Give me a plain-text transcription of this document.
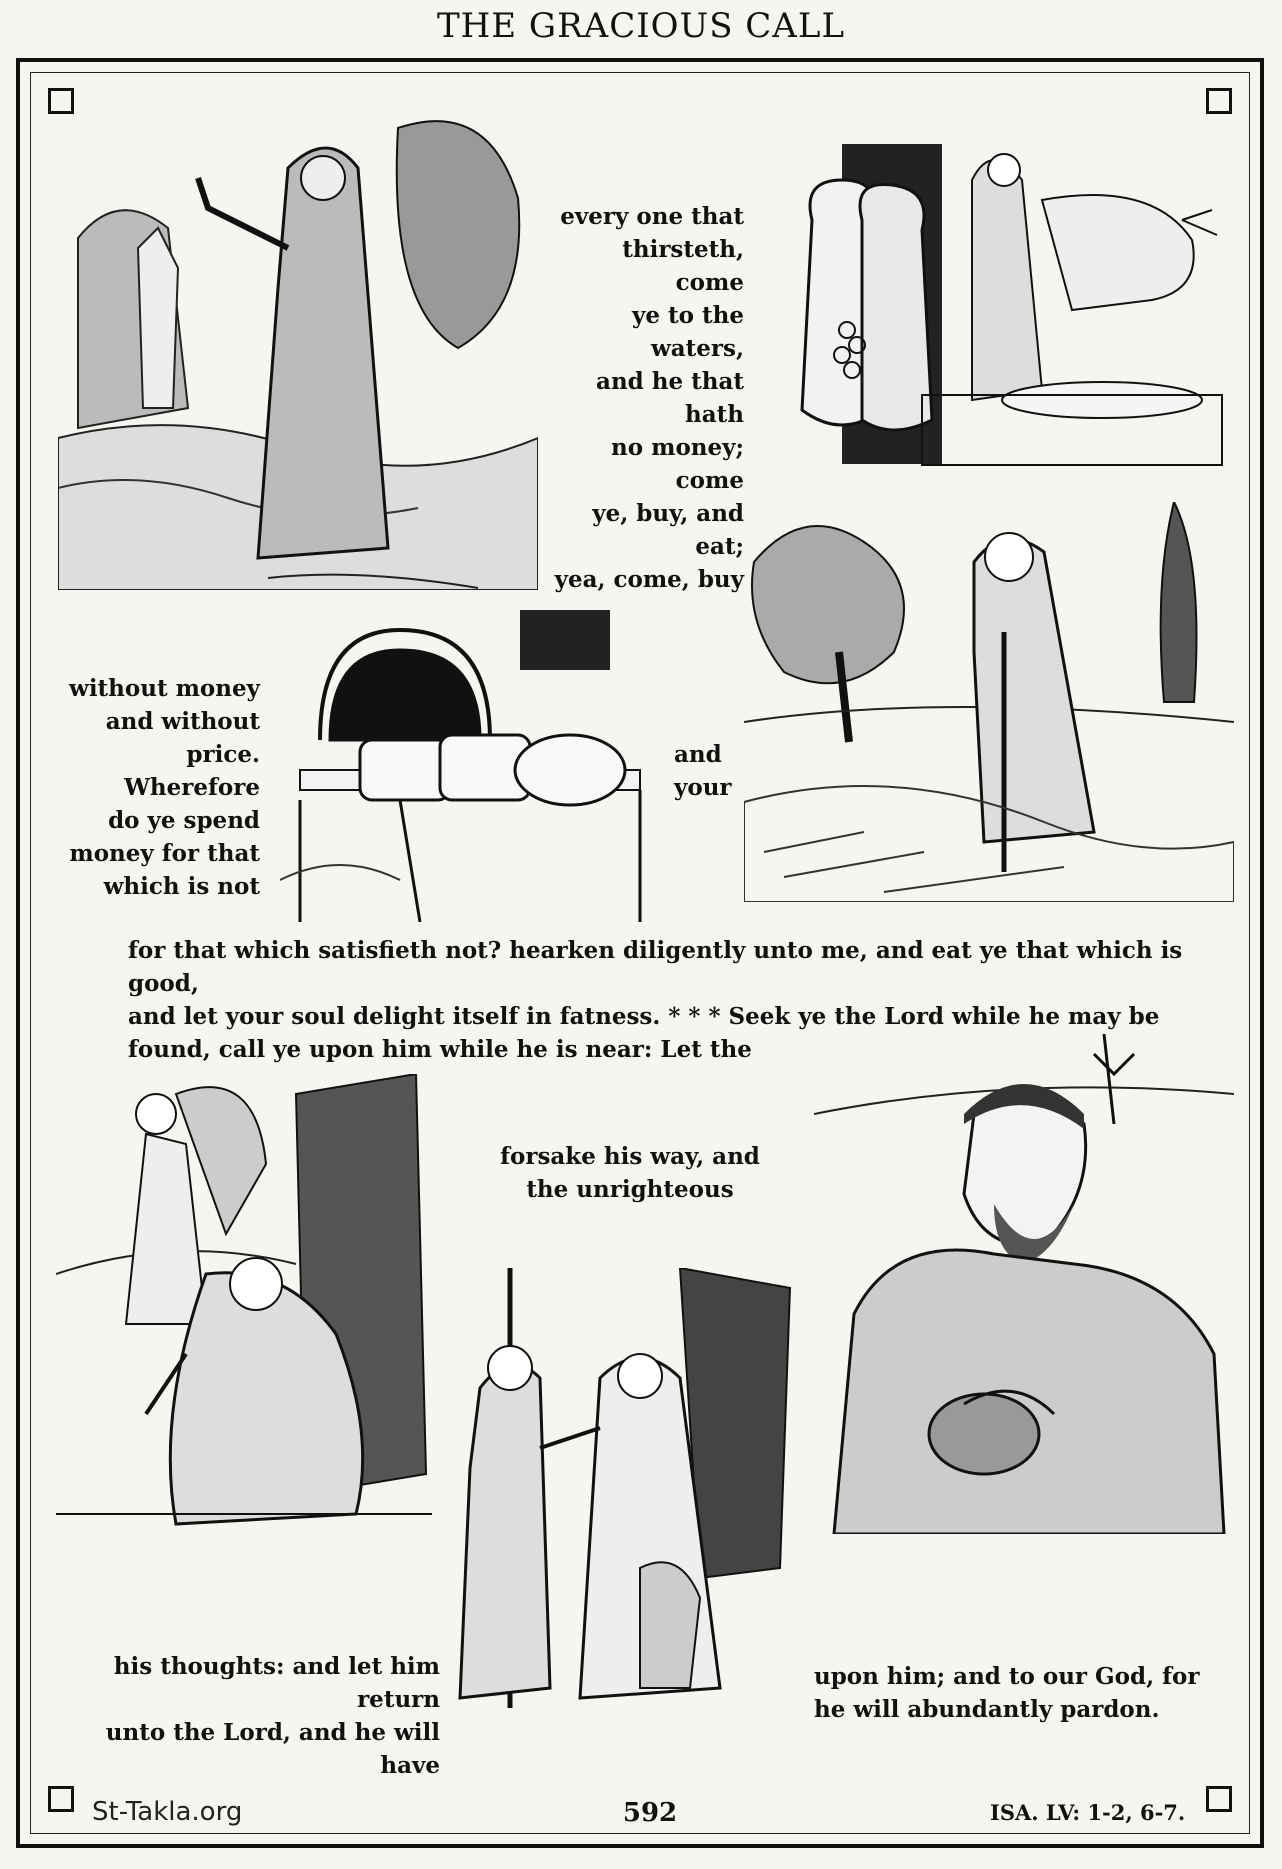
THE GRACIOUS CALL
every one that
thirsteth, come
ye to the waters,
and he that hath
no money; come
ye, buy, and eat;
yea, come, buy
without money
and without
price. Wherefore
do ye spend
money for that
which is not
and
your
for that which satisfieth not? hearken diligently unto me, and eat ye that which is good,
and let your soul delight itself in fatness. * * * Seek ye the Lord while he may be
found, call ye upon him while he is near: Let the
forsake his way, and
the unrighteous
his thoughts: and let him return
unto the Lord, and he will have
upon him; and to our God, for
he will abundantly pardon.
St-Takla.org	592	ISA. LV: 1-2, 6-7.
